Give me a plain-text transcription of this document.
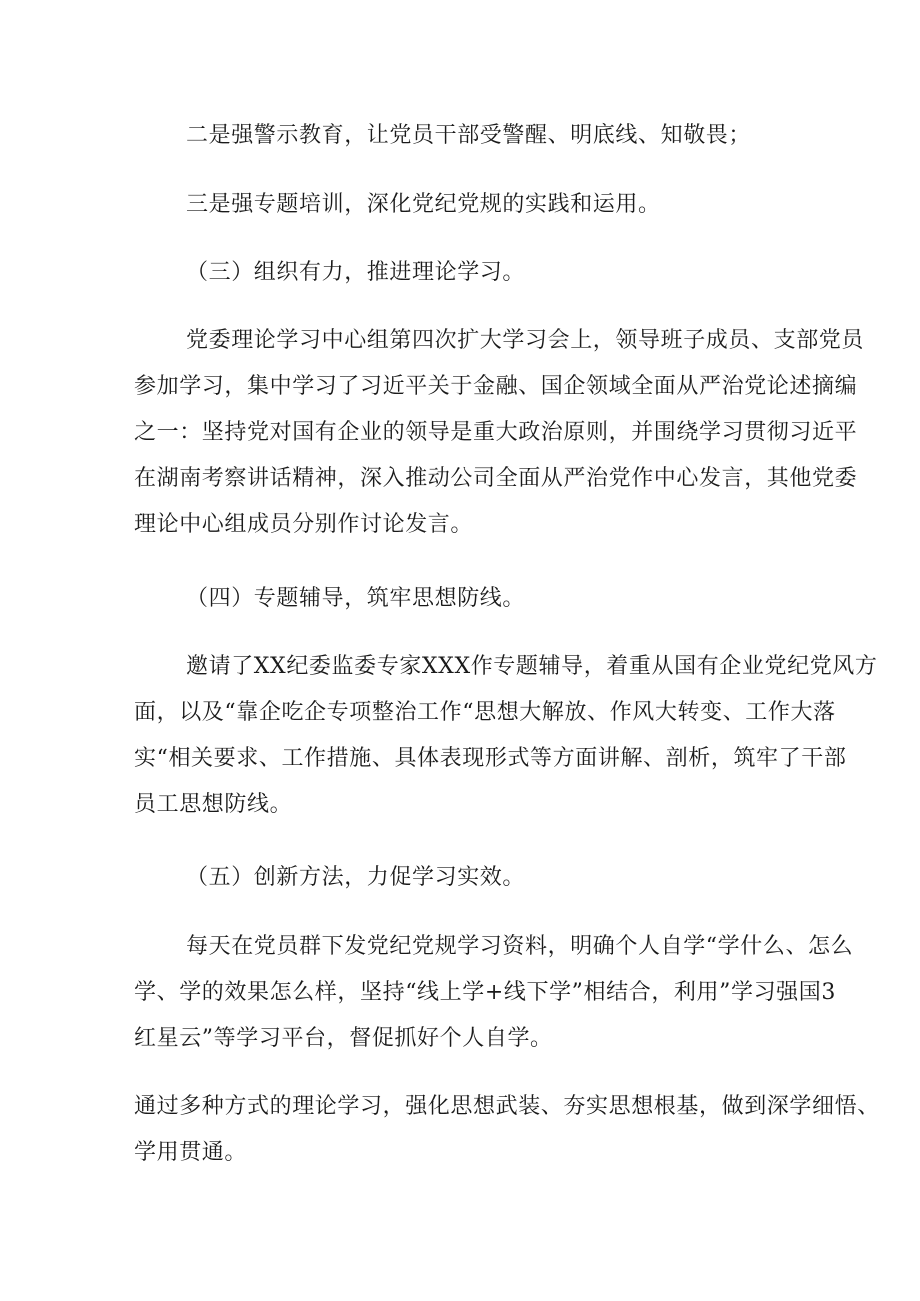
二是强警示教育，让党员干部受警醒、明底线、知敬畏；
三是强专题培训，深化党纪党规的实践和运用。
（三）组织有力，推进理论学习。
党委理论学习中心组第四次扩大学习会上，领导班子成员、支部党员
参加学习，集中学习了习近平关于金融、国企领域全面从严治党论述摘编
之一：坚持党对国有企业的领导是重大政治原则，并围绕学习贯彻习近平
在湖南考察讲话精神，深入推动公司全面从严治党作中心发言，其他党委
理论中心组成员分别作讨论发言。
（四）专题辅导，筑牢思想防线。
邀请了XX纪委监委专家XXX作专题辅导，着重从国有企业党纪党风方
面，以及“靠企吃企专项整治工作“思想大解放、作风大转变、工作大落
实“相关要求、工作措施、具体表现形式等方面讲解、剖析，筑牢了干部
员工思想防线。
（五）创新方法，力促学习实效。
每天在党员群下发党纪党规学习资料，明确个人自学“学什么、怎么
学、学的效果怎么样，坚持“线上学+线下学”相结合，利用”学习强国3
红星云”等学习平台，督促抓好个人自学。
通过多种方式的理论学习，强化思想武装、夯实思想根基，做到深学细悟、
学用贯通。
